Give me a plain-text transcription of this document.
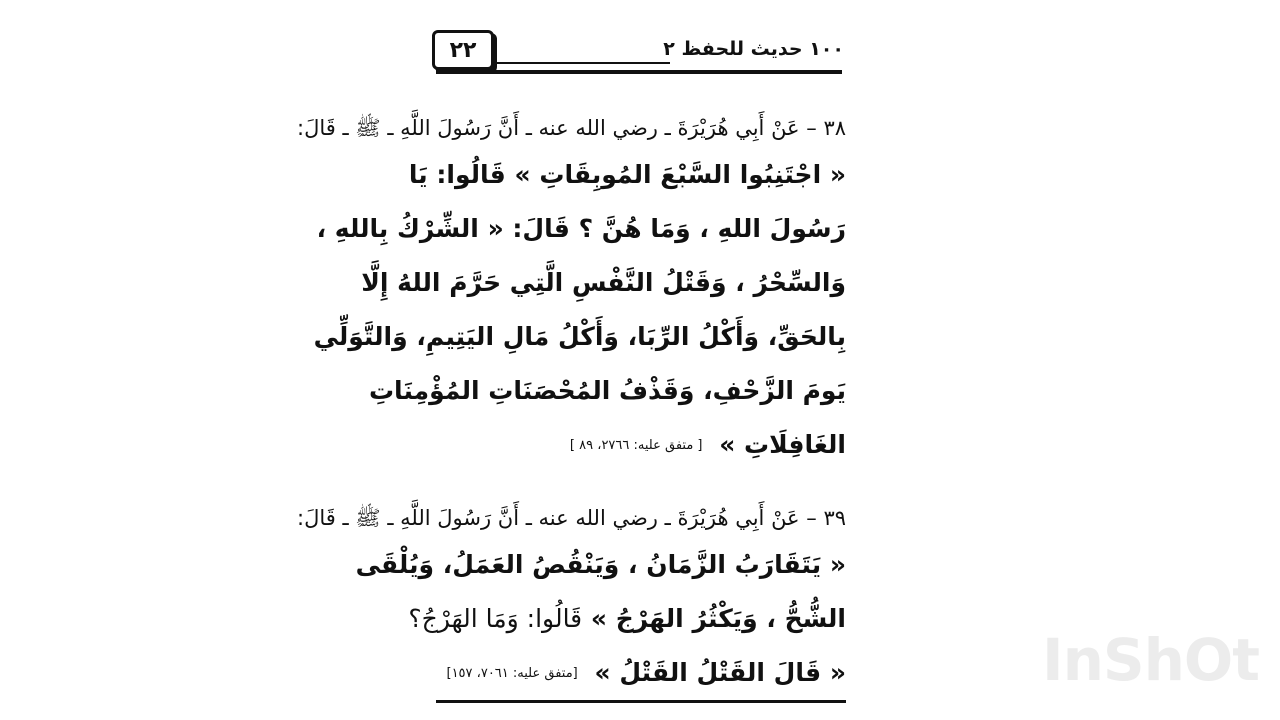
١٠٠ حديث للحفظ ٢
٢٢
٣٨ – عَنْ أَبِي هُرَيْرَةَ ـ رضي الله عنه ـ أَنَّ رَسُولَ اللَّهِ ـ ﷺ ـ قَالَ:
« اجْتَنِبُوا السَّبْعَ المُوبِقَاتِ » قَالُوا: يَا
رَسُولَ اللهِ ، وَمَا هُنَّ ؟ قَالَ: « الشِّرْكُ بِاللهِ ،
وَالسِّحْرُ ، وَقَتْلُ النَّفْسِ الَّتِي حَرَّمَ اللهُ إِلَّا
بِالحَقِّ، وَأَكْلُ الرِّبَا، وَأَكْلُ مَالِ اليَتِيمِ، وَالتَّوَلِّي
يَومَ الزَّحْفِ، وَقَذْفُ المُحْصَنَاتِ المُؤْمِنَاتِ
الغَافِلَاتِ » [ متفق عليه: ٢٧٦٦، ٨٩ ]
٣٩ – عَنْ أَبِي هُرَيْرَةَ ـ رضي الله عنه ـ أَنَّ رَسُولَ اللَّهِ ـ ﷺ ـ قَالَ:
« يَتَقَارَبُ الزَّمَانُ ، وَيَنْقُصُ العَمَلُ، وَيُلْقَى
الشُّحُّ ، وَيَكْثُرُ الهَرْجُ » قَالُوا: وَمَا الهَرْجُ؟
« قَالَ القَتْلُ القَتْلُ » [متفق عليه: ٧٠٦١، ١٥٧]	InShOt
